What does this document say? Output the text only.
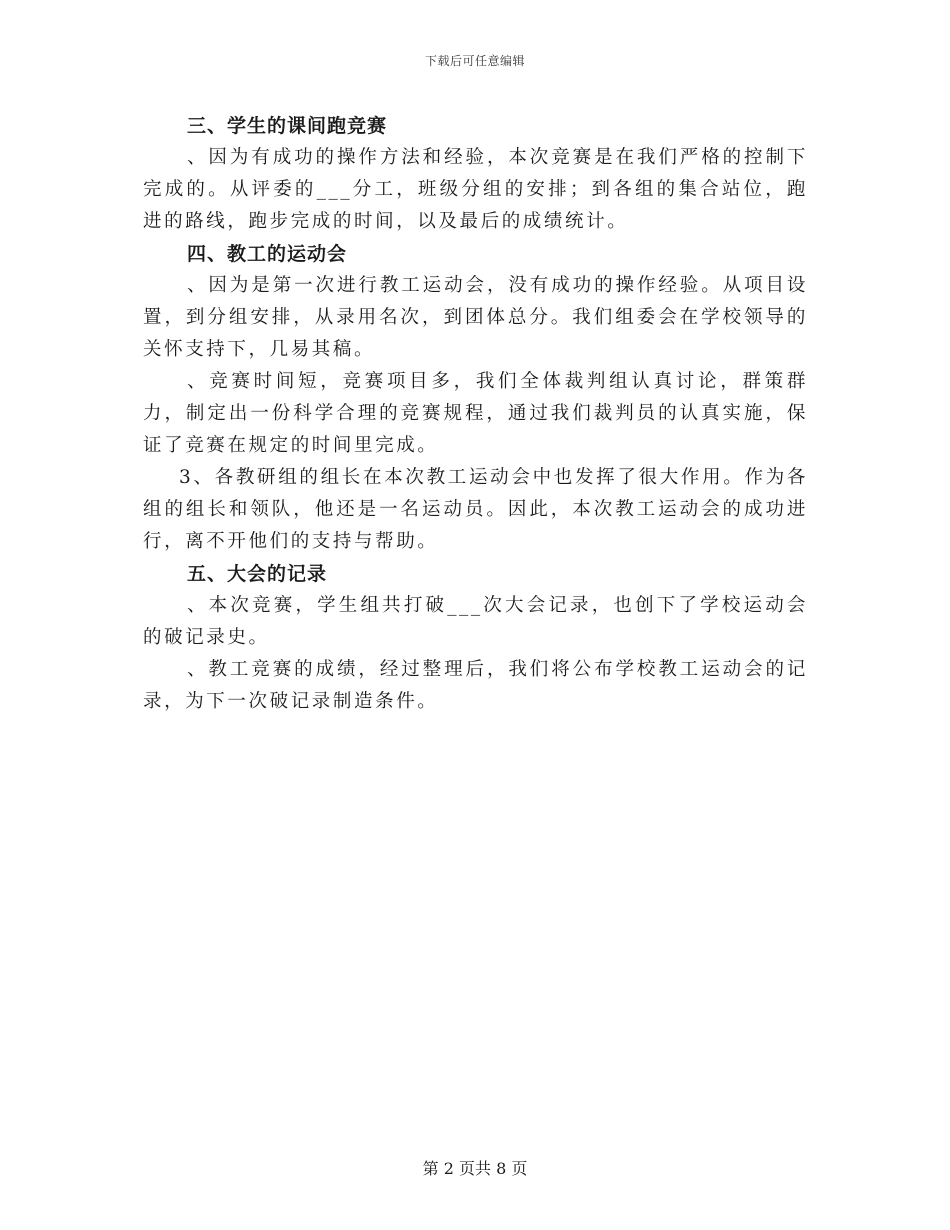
下载后可任意编辑
三、学生的课间跑竞赛

、因为有成功的操作方法和经验，本次竞赛是在我们严格的控制下完成的。从评委的___分工，班级分组的安排；到各组的集合站位，跑进的路线，跑步完成的时间，以及最后的成绩统计。

四、教工的运动会

、因为是第一次进行教工运动会，没有成功的操作经验。从项目设置，到分组安排，从录用名次，到团体总分。我们组委会在学校领导的关怀支持下，几易其稿。

、竞赛时间短，竞赛项目多，我们全体裁判组认真讨论，群策群力，制定出一份科学合理的竞赛规程，通过我们裁判员的认真实施，保证了竞赛在规定的时间里完成。

3、各教研组的组长在本次教工运动会中也发挥了很大作用。作为各组的组长和领队，他还是一名运动员。因此，本次教工运动会的成功进行，离不开他们的支持与帮助。

五、大会的记录

、本次竞赛，学生组共打破___次大会记录，也创下了学校运动会的破记录史。

、教工竞赛的成绩，经过整理后，我们将公布学校教工运动会的记录，为下一次破记录制造条件。

第 2 页共 8 页
